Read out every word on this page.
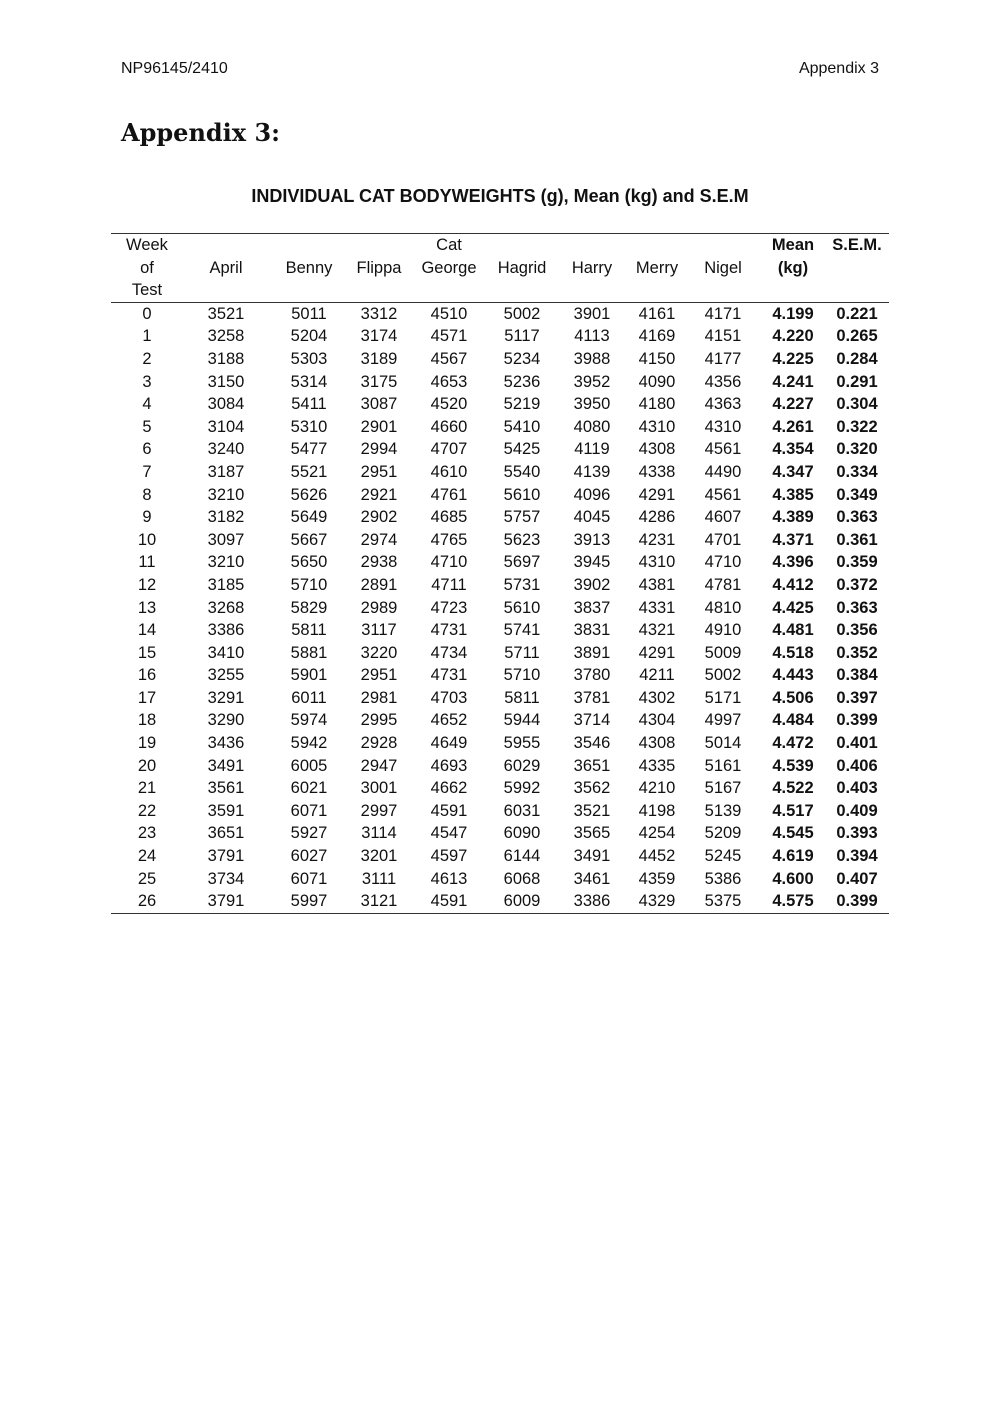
NP96145/2410	Appendix 3
Appendix 3:
INDIVIDUAL CAT BODYWEIGHTS (g), Mean (kg) and S.E.M
Week				Cat					Mean	S.E.M.
of	April	Benny	Flippa	George	Hagrid	Harry	Merry	Nigel	(kg)	
Test										
0	3521	5011	3312	4510	5002	3901	4161	4171	4.199	0.221
1	3258	5204	3174	4571	5117	4113	4169	4151	4.220	0.265
2	3188	5303	3189	4567	5234	3988	4150	4177	4.225	0.284
3	3150	5314	3175	4653	5236	3952	4090	4356	4.241	0.291
4	3084	5411	3087	4520	5219	3950	4180	4363	4.227	0.304
5	3104	5310	2901	4660	5410	4080	4310	4310	4.261	0.322
6	3240	5477	2994	4707	5425	4119	4308	4561	4.354	0.320
7	3187	5521	2951	4610	5540	4139	4338	4490	4.347	0.334
8	3210	5626	2921	4761	5610	4096	4291	4561	4.385	0.349
9	3182	5649	2902	4685	5757	4045	4286	4607	4.389	0.363
10	3097	5667	2974	4765	5623	3913	4231	4701	4.371	0.361
11	3210	5650	2938	4710	5697	3945	4310	4710	4.396	0.359
12	3185	5710	2891	4711	5731	3902	4381	4781	4.412	0.372
13	3268	5829	2989	4723	5610	3837	4331	4810	4.425	0.363
14	3386	5811	3117	4731	5741	3831	4321	4910	4.481	0.356
15	3410	5881	3220	4734	5711	3891	4291	5009	4.518	0.352
16	3255	5901	2951	4731	5710	3780	4211	5002	4.443	0.384
17	3291	6011	2981	4703	5811	3781	4302	5171	4.506	0.397
18	3290	5974	2995	4652	5944	3714	4304	4997	4.484	0.399
19	3436	5942	2928	4649	5955	3546	4308	5014	4.472	0.401
20	3491	6005	2947	4693	6029	3651	4335	5161	4.539	0.406
21	3561	6021	3001	4662	5992	3562	4210	5167	4.522	0.403
22	3591	6071	2997	4591	6031	3521	4198	5139	4.517	0.409
23	3651	5927	3114	4547	6090	3565	4254	5209	4.545	0.393
24	3791	6027	3201	4597	6144	3491	4452	5245	4.619	0.394
25	3734	6071	3111	4613	6068	3461	4359	5386	4.600	0.407
26	3791	5997	3121	4591	6009	3386	4329	5375	4.575	0.399
